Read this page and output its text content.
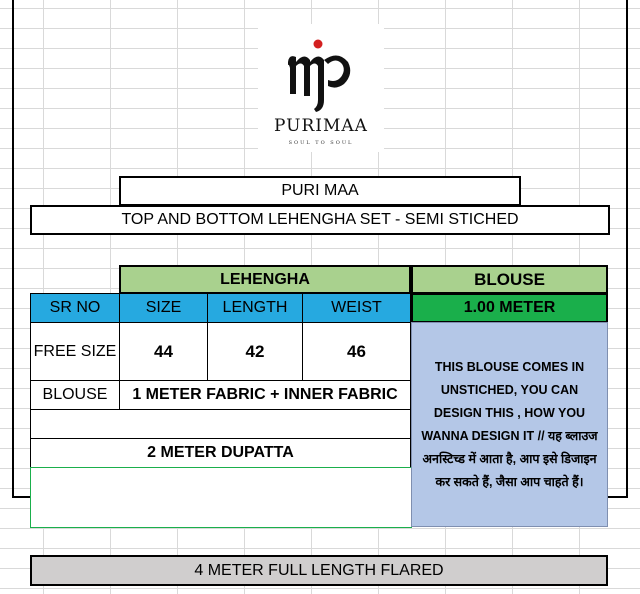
PURIMAA
SOUL TO SOUL
PURI MAA
TOP AND BOTTOM LEHENGHA SET - SEMI STICHED
LEHENGHA	BLOUSE
SR NO	SIZE	LENGTH	WEIST	1.00 METER
FREE SIZE	44	42	46
BLOUSE	1 METER FABRIC + INNER FABRIC
2 METER DUPATTA
THIS BLOUSE COMES IN UNSTICHED, YOU CAN DESIGN THIS , HOW YOU WANNA DESIGN IT // यह ब्लाउज अनस्टिच्ड में आता है, आप इसे डिजाइन कर सकते हैं, जैसा आप चाहते हैं।
4 METER FULL LENGTH FLARED
